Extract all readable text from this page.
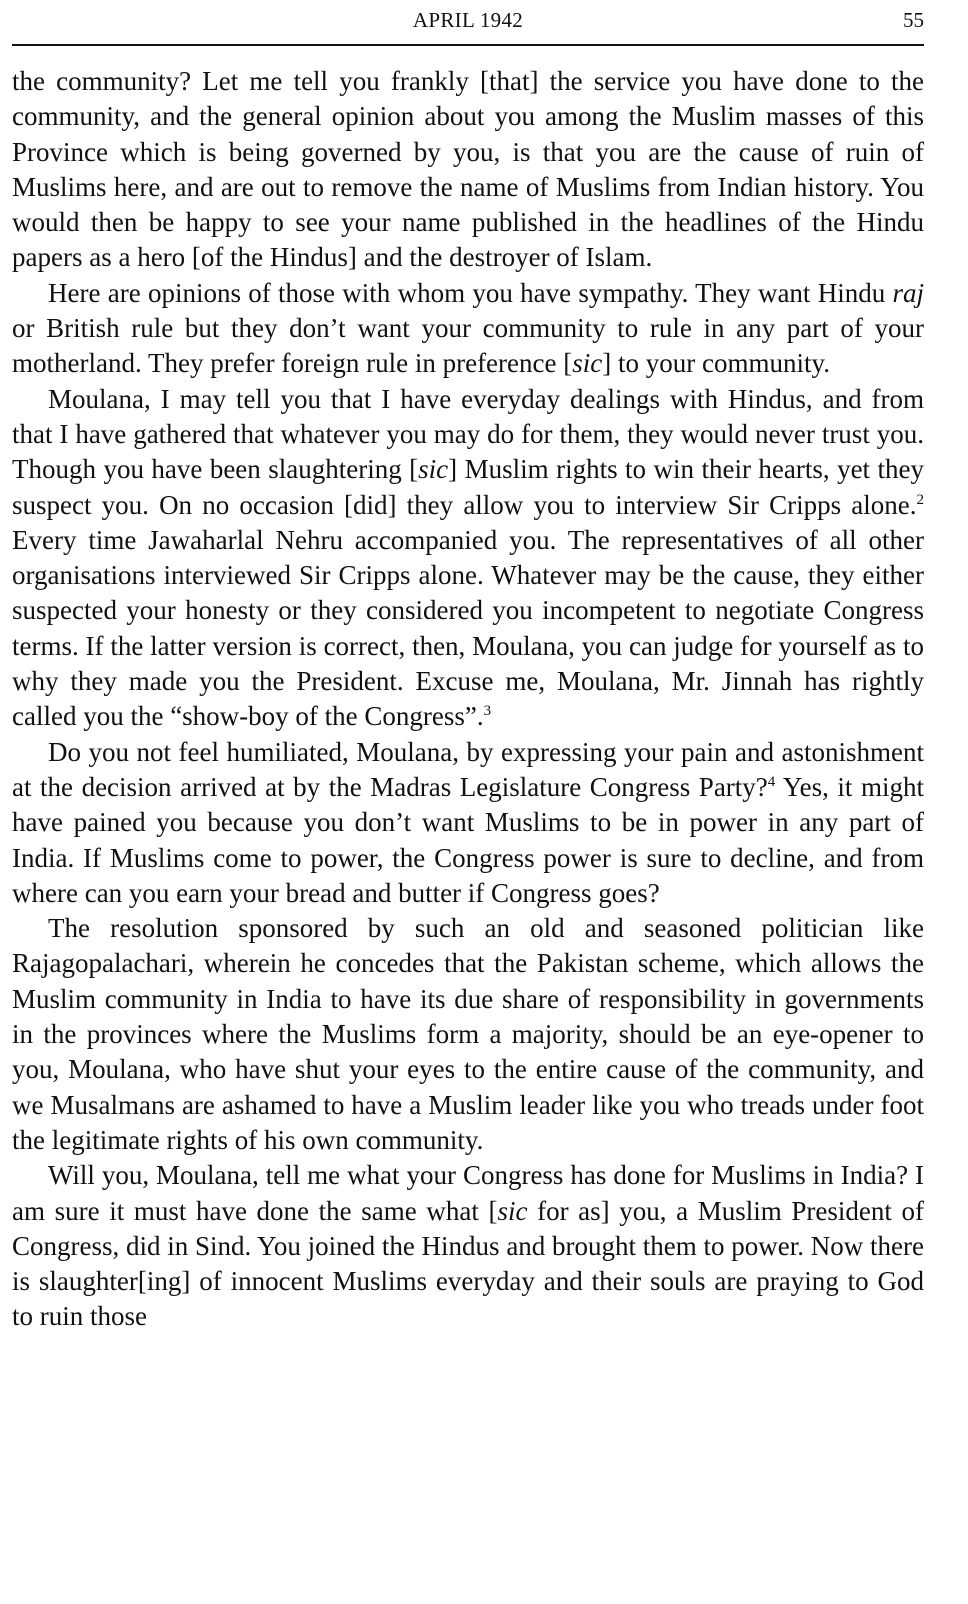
APRIL 1942	55

the community? Let me tell you frankly [that] the service you have done to the community, and the general opinion about you among the Muslim masses of this Province which is being governed by you, is that you are the cause of ruin of Muslims here, and are out to remove the name of Muslims from Indian history. You would then be happy to see your name published in the headlines of the Hindu papers as a hero [of the Hindus] and the destroyer of Islam.

Here are opinions of those with whom you have sympathy. They want Hindu raj or British rule but they don’t want your community to rule in any part of your motherland. They prefer foreign rule in preference [sic] to your community.

Moulana, I may tell you that I have everyday dealings with Hindus, and from that I have gathered that whatever you may do for them, they would never trust you. Though you have been slaughtering [sic] Muslim rights to win their hearts, yet they suspect you. On no occasion [did] they allow you to interview Sir Cripps alone.$^2$ Every time Jawaharlal Nehru accompanied you. The representatives of all other organisations interviewed Sir Cripps alone. Whatever may be the cause, they either suspected your honesty or they considered you incompetent to negotiate Congress terms. If the latter version is correct, then, Moulana, you can judge for yourself as to why they made you the President. Excuse me, Moulana, Mr. Jinnah has rightly called you the “show-boy of the Congress”.$^3$

Do you not feel humiliated, Moulana, by expressing your pain and astonishment at the decision arrived at by the Madras Legislature Congress Party?$^4$ Yes, it might have pained you because you don’t want Muslims to be in power in any part of India. If Muslims come to power, the Congress power is sure to decline, and from where can you earn your bread and butter if Congress goes?

The resolution sponsored by such an old and seasoned politician like Rajagopalachari, wherein he concedes that the Pakistan scheme, which allows the Muslim community in India to have its due share of responsibility in governments in the provinces where the Muslims form a majority, should be an eye-opener to you, Moulana, who have shut your eyes to the entire cause of the community, and we Musalmans are ashamed to have a Muslim leader like you who treads under foot the legitimate rights of his own community.

Will you, Moulana, tell me what your Congress has done for Muslims in India? I am sure it must have done the same what [sic for as] you, a Muslim President of Congress, did in Sind. You joined the Hindus and brought them to power. Now there is slaughter[ing] of innocent Muslims everyday and their souls are praying to God to ruin those
